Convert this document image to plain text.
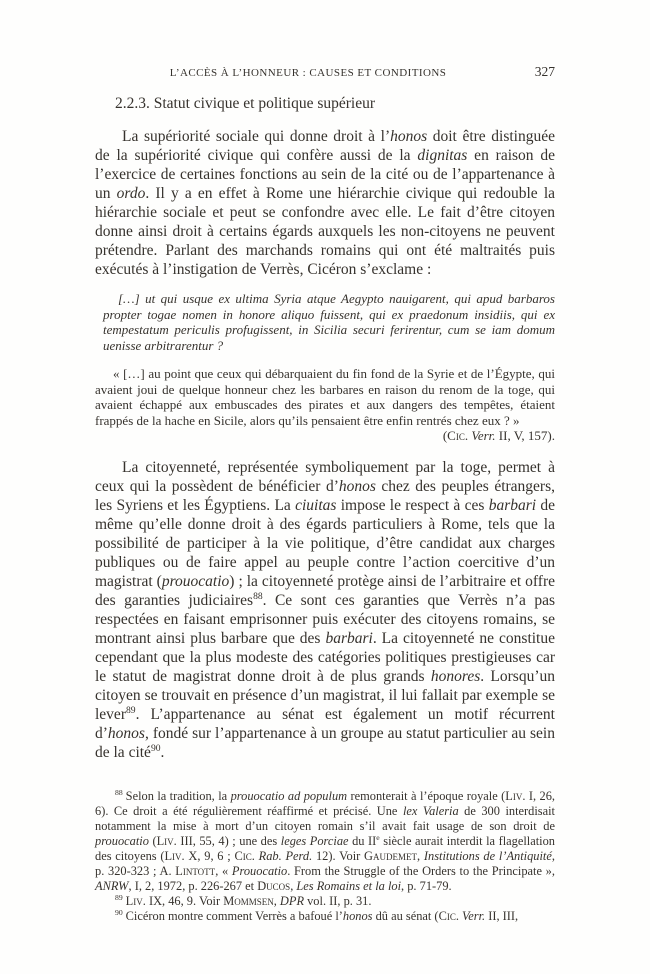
L’ACCÈS À L’HONNEUR : CAUSES ET CONDITIONS	327
2.2.3. Statut civique et politique supérieur

La supériorité sociale qui donne droit à l’honos doit être distinguée de la supériorité civique qui confère aussi de la dignitas en raison de l’exercice de certaines fonctions au sein de la cité ou de l’appartenance à un ordo. Il y a en effet à Rome une hiérarchie civique qui redouble la hiérarchie sociale et peut se confondre avec elle. Le fait d’être citoyen donne ainsi droit à certains égards auxquels les non-citoyens ne peuvent prétendre. Parlant des marchands romains qui ont été maltraités puis exécutés à l’instigation de Verrès, Cicéron s’exclame :

[…] ut qui usque ex ultima Syria atque Aegypto nauigarent, qui apud barbaros propter togae nomen in honore aliquo fuissent, qui ex praedonum insidiis, qui ex tempestatum periculis profugissent, in Sicilia securi ferirentur, cum se iam domum uenisse arbitrarentur ?

« […] au point que ceux qui débarquaient du fin fond de la Syrie et de l’Égypte, qui avaient joui de quelque honneur chez les barbares en raison du renom de la toge, qui avaient échappé aux embuscades des pirates et aux dangers des tempêtes, étaient frappés de la hache en Sicile, alors qu’ils pensaient être enfin rentrés chez eux ? »

(Cic. Verr. II, V, 157).

La citoyenneté, représentée symboliquement par la toge, permet à ceux qui la possèdent de bénéficier d’honos chez des peuples étrangers, les Syriens et les Égyptiens. La ciuitas impose le respect à ces barbari de même qu’elle donne droit à des égards particuliers à Rome, tels que la possibilité de participer à la vie politique, d’être candidat aux charges publiques ou de faire appel au peuple contre l’action coercitive d’un magistrat (prouocatio) ; la citoyenneté protège ainsi de l’arbitraire et offre des garanties judiciaires$^{88}$. Ce sont ces garanties que Verrès n’a pas respectées en faisant emprisonner puis exécuter des citoyens romains, se montrant ainsi plus barbare que des barbari. La citoyenneté ne constitue cependant que la plus modeste des catégories politiques prestigieuses car le statut de magistrat donne droit à de plus grands honores. Lorsqu’un citoyen se trouvait en présence d’un magistrat, il lui fallait par exemple se lever$^{89}$. L’appartenance au sénat est également un motif récurrent d’honos, fondé sur l’appartenance à un groupe au statut particulier au sein de la cité$^{90}$.

$^{88}$ Selon la tradition, la prouocatio ad populum remonterait à l’époque royale (Liv. I, 26, 6). Ce droit a été régulièrement réaffirmé et précisé. Une lex Valeria de 300 interdisait notamment la mise à mort d’un citoyen romain s’il avait fait usage de son droit de prouocatio (Liv. III, 55, 4) ; une des leges Porciae du IIe siècle aurait interdit la flagellation des citoyens (Liv. X, 9, 6 ; Cic. Rab. Perd. 12). Voir Gaudemet, Institutions de l’Antiquité, p. 320-323 ; A. Lintott, « Prouocatio. From the Struggle of the Orders to the Principate », ANRW, I, 2, 1972, p. 226-267 et Ducos, Les Romains et la loi, p. 71-79.

$^{89}$ Liv. IX, 46, 9. Voir Mommsen, DPR vol. II, p. 31.

$^{90}$ Cicéron montre comment Verrès a bafoué l’honos dû au sénat (Cic. Verr. II, III,
